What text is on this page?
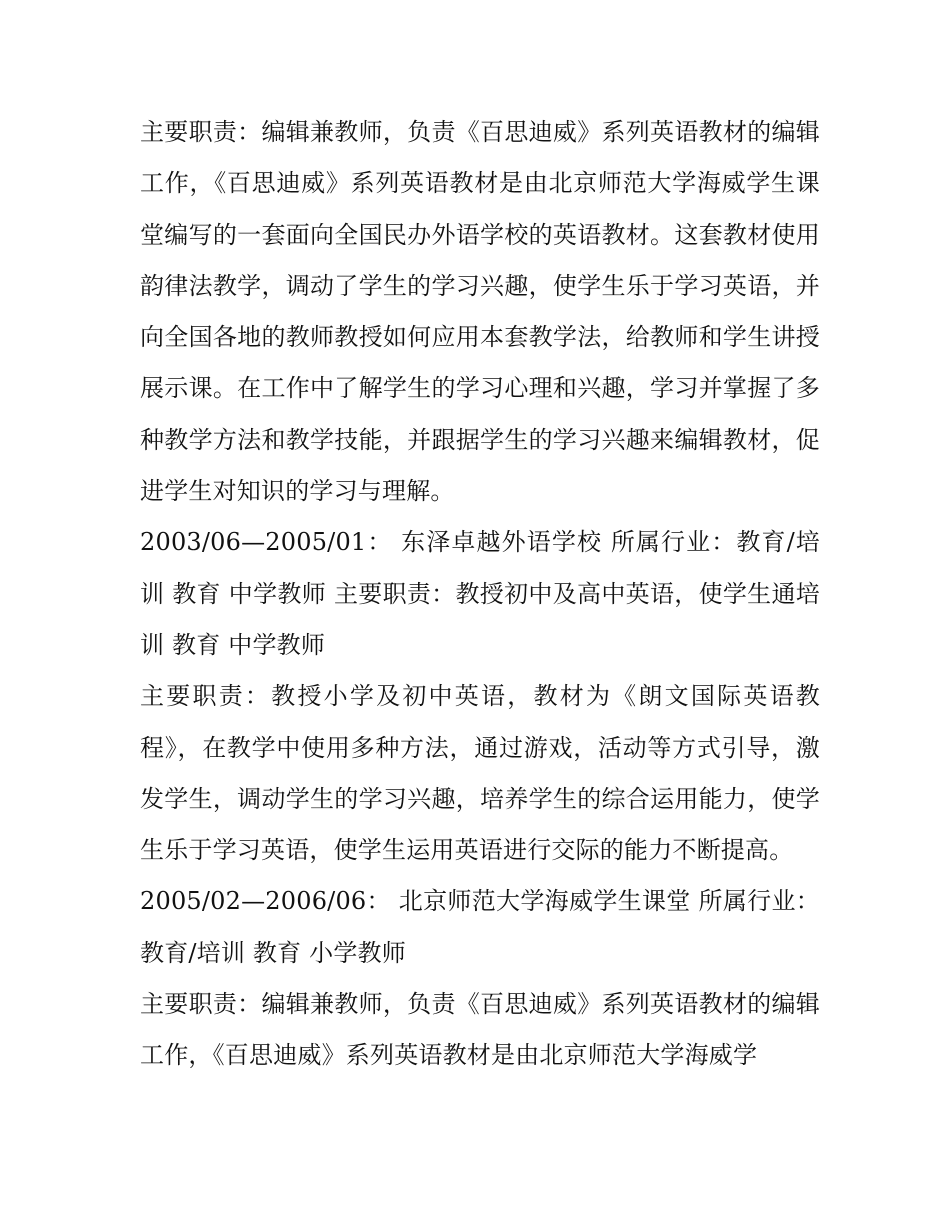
主要职责：编辑兼教师，负责《百思迪威》系列英语教材的编辑工作，《百思迪威》系列英语教材是由北京师范大学海威学生课堂编写的一套面向全国民办外语学校的英语教材。这套教材使用韵律法教学，调动了学生的学习兴趣，使学生乐于学习英语，并向全国各地的教师教授如何应用本套教学法，给教师和学生讲授展示课。在工作中了解学生的学习心理和兴趣，学习并掌握了多种教学方法和教学技能，并跟据学生的学习兴趣来编辑教材，促进学生对知识的学习与理解。

2003/06—2005/01： 东泽卓越外语学校 所属行业：教育/培训 教育 中学教师 主要职责：教授初中及高中英语，使学生通培训 教育 中学教师

主要职责：教授小学及初中英语，教材为《朗文国际英语教程》，在教学中使用多种方法，通过游戏，活动等方式引导，激发学生，调动学生的学习兴趣，培养学生的综合运用能力，使学生乐于学习英语，使学生运用英语进行交际的能力不断提高。

2005/02—2006/06： 北京师范大学海威学生课堂 所属行业：教育/培训 教育 小学教师

主要职责：编辑兼教师，负责《百思迪威》系列英语教材的编辑工作，《百思迪威》系列英语教材是由北京师范大学海威学
